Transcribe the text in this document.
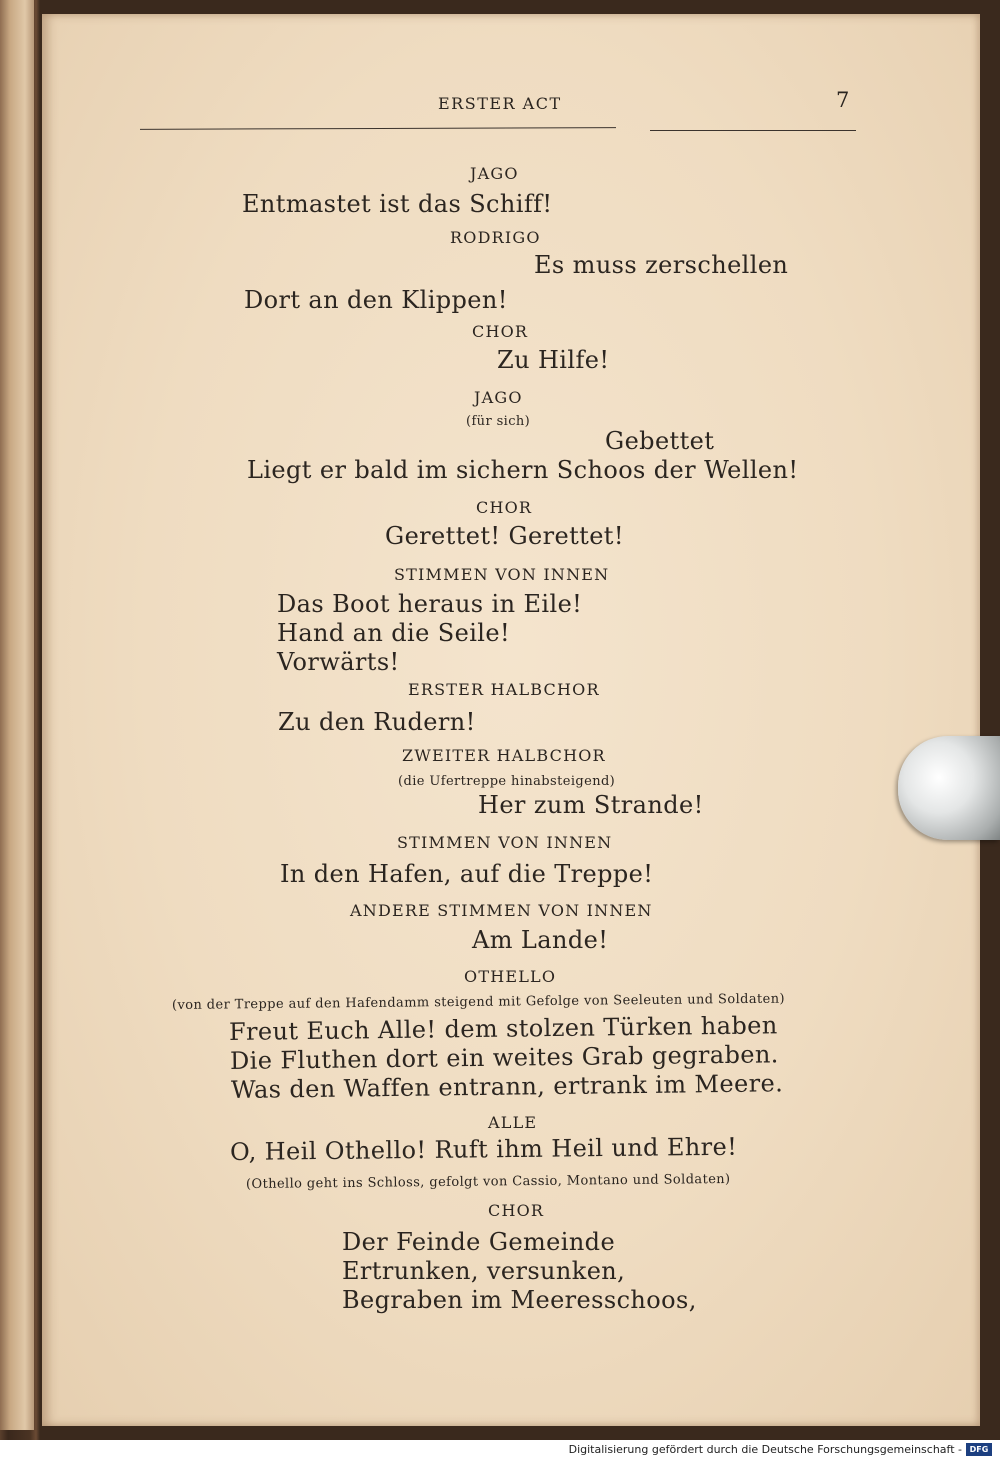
ERSTER ACT	7
JAGO
Entmastet ist das Schiff!
RODRIGO
Es muss zerschellen
Dort an den Klippen!
CHOR
Zu Hilfe!
JAGO
(für sich)
Gebettet
Liegt er bald im sichern Schoos der Wellen!
CHOR
Gerettet! Gerettet!
STIMMEN VON INNEN
Das Boot heraus in Eile!
Hand an die Seile!
Vorwärts!
ERSTER HALBCHOR
Zu den Rudern!
ZWEITER HALBCHOR
(die Ufertreppe hinabsteigend)
Her zum Strande!
STIMMEN VON INNEN
In den Hafen, auf die Treppe!
ANDERE STIMMEN VON INNEN
Am Lande!
OTHELLO
(von der Treppe auf den Hafendamm steigend mit Gefolge von Seeleuten und Soldaten)
Freut Euch Alle! dem stolzen Türken haben
Die Fluthen dort ein weites Grab gegraben.
Was den Waffen entrann, ertrank im Meere.
ALLE
O, Heil Othello! Ruft ihm Heil und Ehre!
(Othello geht ins Schloss, gefolgt von Cassio, Montano und Soldaten)
CHOR
Der Feinde Gemeinde
Ertrunken, versunken,
Begraben im Meeresschoos,
Digitalisierung gefördert durch die Deutsche Forschungsgemeinschaft - DFG
